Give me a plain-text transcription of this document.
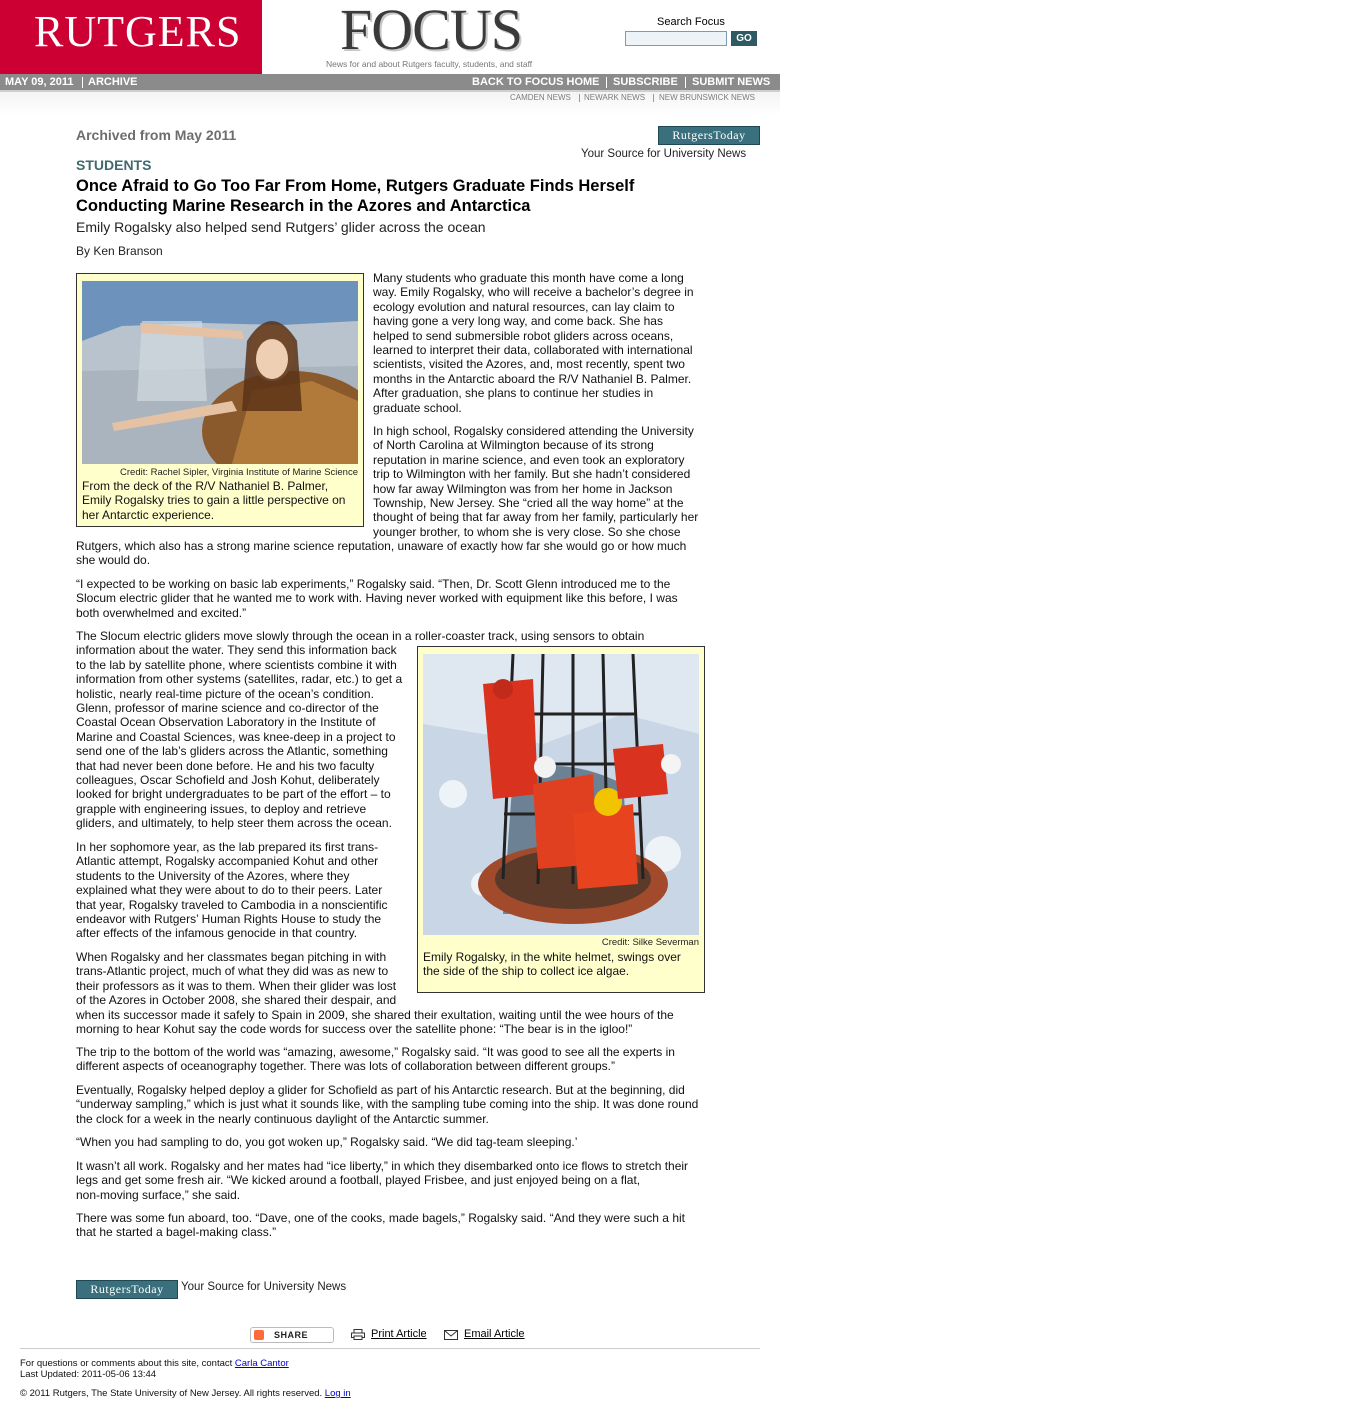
RUTGERS FOCUS
News for and about Rutgers faculty, students, and staff
Search Focus
GO
MAY 09, 2011 ARCHIVE	BACK TO FOCUS HOME SUBSCRIBE SUBMIT NEWS
CAMDEN NEWS NEWARK NEWS NEW BRUNSWICK NEWS
Archived from May 2011	RutgersToday
Your Source for University News
STUDENTS
Once Afraid to Go Too Far From Home, Rutgers Graduate Finds Herself Conducting Marine Research in the Azores and Antarctica
Emily Rogalsky also helped send Rutgers’ glider across the ocean
By Ken Branson
Credit: Rachel Sipler, Virginia Institute of Marine Science
From the deck of the R/V Nathaniel B. Palmer, Emily Rogalsky tries to gain a little perspective on her Antarctic experience.

Many students who graduate this month have come a long

way. Emily Rogalsky, who will receive a bachelor’s degree in

ecology evolution and natural resources, can lay claim to

having gone a very long way, and come back. She has

helped to send submersible robot gliders across oceans,

learned to interpret their data, collaborated with international

scientists, visited the Azores, and, most recently, spent two

months in the Antarctic aboard the R/V Nathaniel B. Palmer.

After graduation, she plans to continue her studies in

graduate school.

In high school, Rogalsky considered attending the University

of North Carolina at Wilmington because of its strong

reputation in marine science, and even took an exploratory

trip to Wilmington with her family. But she hadn’t considered

how far away Wilmington was from her home in Jackson

Township, New Jersey. She “cried all the way home” at the

thought of being that far away from her family, particularly her

younger brother, to whom she is very close. So she chose

Rutgers, which also has a strong marine science reputation, unaware of exactly how far she would go or how much

she would do.

“I expected to be working on basic lab experiments,” Rogalsky said. “Then, Dr. Scott Glenn introduced me to the

Slocum electric glider that he wanted me to work with. Having never worked with equipment like this before, I was

both overwhelmed and excited.”

The Slocum electric gliders move slowly through the ocean in a roller-coaster track, using sensors to obtain

information about the water. They send this information back

to the lab by satellite phone, where scientists combine it with

information from other systems (satellites, radar, etc.) to get a

holistic, nearly real-time picture of the ocean’s condition.

Glenn, professor of marine science and co-director of the

Coastal Ocean Observation Laboratory in the Institute of

Marine and Coastal Sciences, was knee-deep in a project to

send one of the lab’s gliders across the Atlantic, something

that had never been done before. He and his two faculty

colleagues, Oscar Schofield and Josh Kohut, deliberately

looked for bright undergraduates to be part of the effort – to

grapple with engineering issues, to deploy and retrieve

gliders, and ultimately, to help steer them across the ocean.

Credit: Silke Severman
Emily Rogalsky, in the white helmet, swings over the side of the ship to collect ice algae.

In her sophomore year, as the lab prepared its first trans-

Atlantic attempt, Rogalsky accompanied Kohut and other

students to the University of the Azores, where they

explained what they were about to do to their peers. Later

that year, Rogalsky traveled to Cambodia in a nonscientific

endeavor with Rutgers’ Human Rights House to study the

after effects of the infamous genocide in that country.

When Rogalsky and her classmates began pitching in with

trans-Atlantic project, much of what they did was as new to

their professors as it was to them. When their glider was lost

of the Azores in October 2008, she shared their despair, and

when its successor made it safely to Spain in 2009, she shared their exultation, waiting until the wee hours of the

morning to hear Kohut say the code words for success over the satellite phone: “The bear is in the igloo!”

The trip to the bottom of the world was “amazing, awesome,” Rogalsky said. “It was good to see all the experts in

different aspects of oceanography together. There was lots of collaboration between different groups.”

Eventually, Rogalsky helped deploy a glider for Schofield as part of his Antarctic research. But at the beginning, did

“underway sampling,” which is just what it sounds like, with the sampling tube coming into the ship. It was done round

the clock for a week in the nearly continuous daylight of the Antarctic summer.

“When you had sampling to do, you got woken up,” Rogalsky said. “We did tag-team sleeping.’

It wasn’t all work. Rogalsky and her mates had “ice liberty,” in which they disembarked onto ice flows to stretch their

legs and get some fresh air. “We kicked around a football, played Frisbee, and just enjoyed being on a flat,

non-moving surface,” she said.

There was some fun aboard, too. “Dave, one of the cooks, made bagels,” Rogalsky said. “And they were such a hit

that he started a bagel-making class.”

RutgersToday	Your Source for University News
SHARE	Print Article	Email Article
For questions or comments about this site, contact Carla Cantor
Last Updated: 2011-05-06 13:44
© 2011 Rutgers, The State University of New Jersey. All rights reserved. Log in
